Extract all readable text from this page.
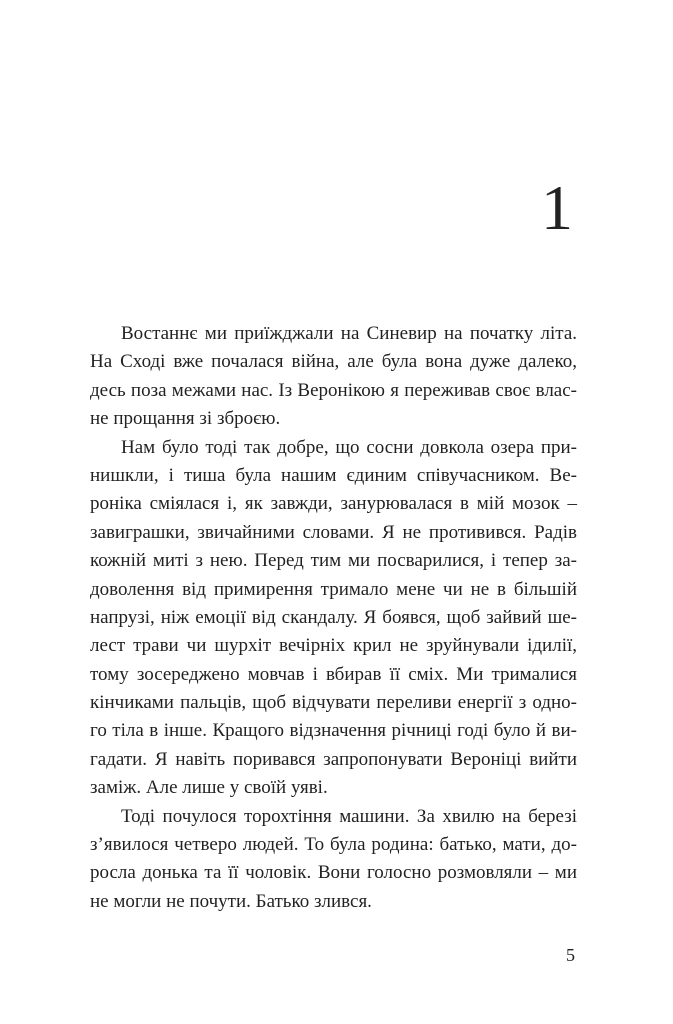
1
Востаннє ми приїжджали на Синевир на початку літа.
На Сході вже почалася війна, але була вона дуже далеко,
десь поза межами нас. Із Веронікою я переживав своє влас-
не прощання зі зброєю.
Нам було тоді так добре, що сосни довкола озера при-
нишкли, і тиша була нашим єдиним співучасником. Ве-
роніка сміялася і, як завжди, занурювалася в мій мозок –
завиграшки, звичайними словами. Я не противився. Радів
кожній миті з нею. Перед тим ми посварилися, і тепер за-
доволення від примирення тримало мене чи не в більшій
напрузі, ніж емоції від скандалу. Я боявся, щоб зайвий ше-
лест трави чи шурхіт вечірніх крил не зруйнували ідилії,
тому зосереджено мовчав і вбирав її сміх. Ми трималися
кінчиками пальців, щоб відчувати переливи енергії з одно-
го тіла в інше. Кращого відзначення річниці годі було й ви-
гадати. Я навіть поривався запропонувати Вероніці вийти
заміж. Але лише у своїй уяві.
Тоді почулося торохтіння машини. За хвилю на березі
з’явилося четверо людей. То була родина: батько, мати, до-
росла донька та її чоловік. Вони голосно розмовляли – ми
не могли не почути. Батько злився.
5
